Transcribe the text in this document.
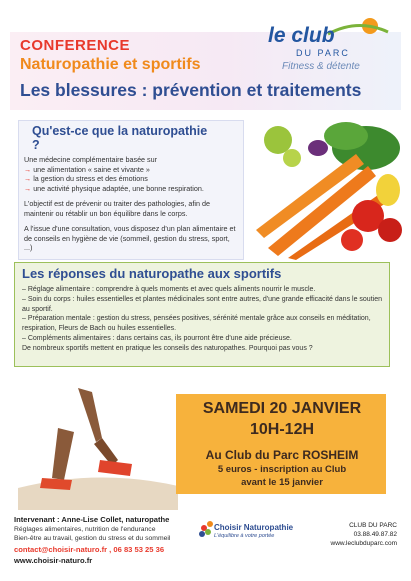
CONFERENCE
Naturopathie et sportifs
Les blessures : prévention et traitements
le club
DU PARC
Fitness & détente
Qu'est-ce que la naturopathie ?

Une médecine complémentaire basée sur
→ une alimentation « saine et vivante »
→ la gestion du stress et des émotions
→ une activité physique adaptée, une bonne respiration.

L'objectif est de prévenir ou traiter des pathologies, afin de maintenir ou rétablir un bon équilibre dans le corps.

A l'issue d'une consultation, vous disposez d'un plan alimentaire et de conseils en hygiène de vie (sommeil, gestion du stress, sport, ...)

Les réponses du naturopathe aux sportifs
– Réglage alimentaire : comprendre à quels moments et avec quels aliments nourrir le muscle.
– Soin du corps : huiles essentielles et plantes médicinales sont entre autres, d'une grande efficacité dans le soutien au sportif.
– Préparation mentale : gestion du stress, pensées positives, sérénité mentale grâce aux conseils en méditation, respiration, Fleurs de Bach ou huiles essentielles.
– Compléments alimentaires : dans certains cas, ils pourront être d'une aide précieuse.
De nombreux sportifs mettent en pratique les conseils des naturopathes. Pourquoi pas vous ?
SAMEDI 20 JANVIER
10H-12H
Au Club du Parc ROSHEIM
5 euros - inscription au Club
avant le 15 janvier
Intervenant : Anne-Lise Collet, naturopathe
Réglages alimentaires, nutrition de l'endurance
Bien-être au travail, gestion du stress et du sommeil
contact@choisir-naturo.fr , 06 83 53 25 36
www.choisir-naturo.fr
Choisir Naturopathie
L'équilibre à votre portée
CLUB DU PARC
03.88.49.87.82
www.leclubduparc.com
